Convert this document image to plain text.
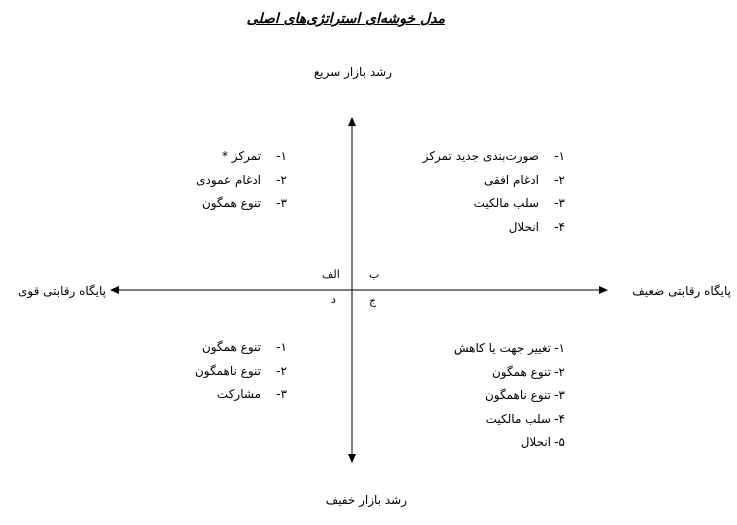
مدل خوشه‌ای استراتژی‌های اصلی
رشد بازار سریع
رشد بازار خفیف
پایگاه رقابتی قوی	پایگاه رقابتی ضعیف
الف	ب
ج
د
۱-تمرکز *
۲-ادغام عمودی
۳-تنوع همگون
۱-صورت‌بندی جدید تمرکز
۲-ادغام افقی
۳-سلب مالکیت
۴-انحلال
۱-تنوع همگون
۲-تنوع ناهمگون
۳-مشارکت
۱-تغییر جهت یا کاهش
۲-تنوع همگون
۳-تنوع ناهمگون
۴-سلب مالکیت
۵-انحلال
